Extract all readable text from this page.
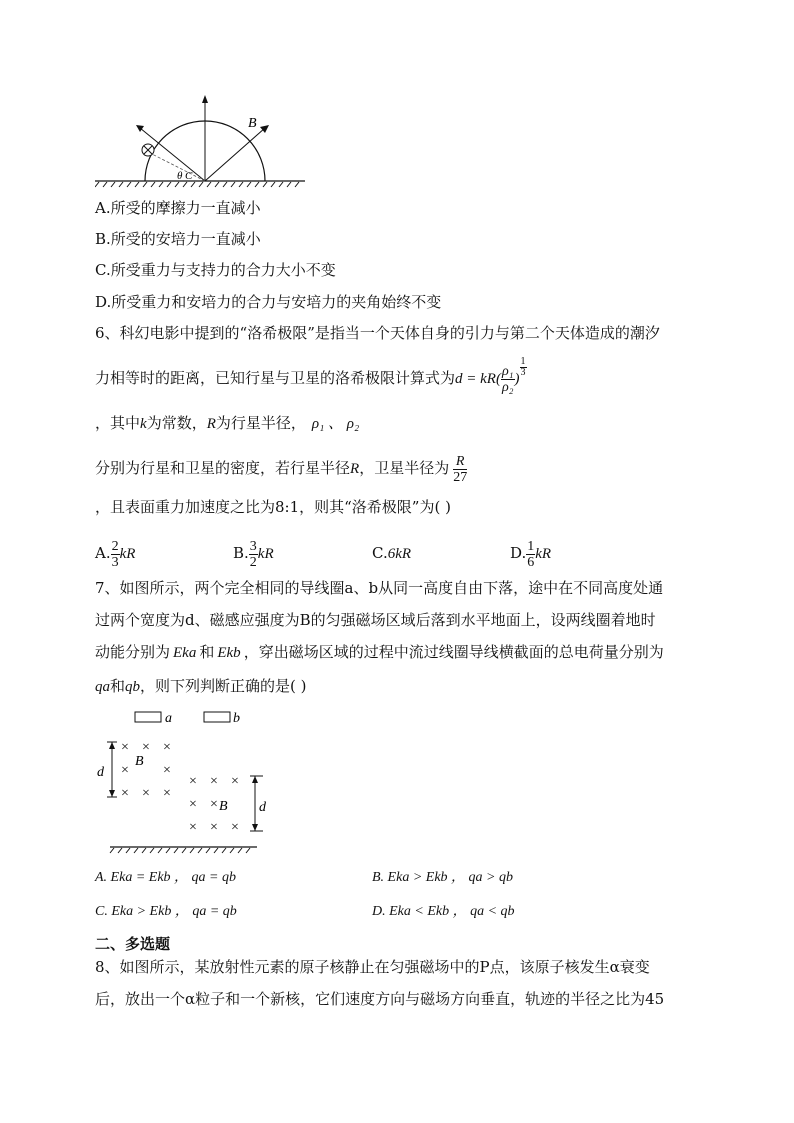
B
θ C
A.所受的摩擦力一直减小
B.所受的安培力一直减小
C.所受重力与支持力的合力大小不变
D.所受重力和安培力的合力与安培力的夹角始终不变
6、科幻电影中提到的“洛希极限”是指当一个天体自身的引力与第二个天体造成的潮汐
力相等时的距离，已知行星与卫星的洛希极限计算式为$d = kR( \frac{\text{ρ₁}}{\text{ρ₂}}$ )
$\frac{1}{3}$
，其中k为常数，R为行星半径， ρ₁ 、 ρ₂
分别为行星和卫星的密度，若行星半径R，卫星半径为 $\frac{R}{27}$
，且表面重力加速度之比为8:1，则其“洛希极限”为( )
A. $\frac{2}{3}$ kR	B. $\frac{3}{2}$ kR	C.6kR	D. $\frac{1}{6}$ kR
7、如图所示，两个完全相同的导线圈a、b从同一高度自由下落，途中在不同高度处通
过两个宽度为d、磁感应强度为B的匀强磁场区域后落到水平地面上，设两线圈着地时
动能分别为 Eka 和 Ekb ，穿出磁场区域的过程中流过线圈导线横截面的总电荷量分别为
qa和qb，则下列判断正确的是( )
a	b
d
× × ×
× ×
× × ×
B
× × ×
× ×
× × ×
B d
A. Eka = Ekb ， qa = qb	B. Eka > Ekb ， qa > qb
C. Eka > Ekb ， qa = qb	D. Eka < Ekb ， qa < qb
二、多选题
8、如图所示，某放射性元素的原子核静止在匀强磁场中的P点，该原子核发生α衰变
后，放出一个α粒子和一个新核，它们速度方向与磁场方向垂直，轨迹的半径之比为45
